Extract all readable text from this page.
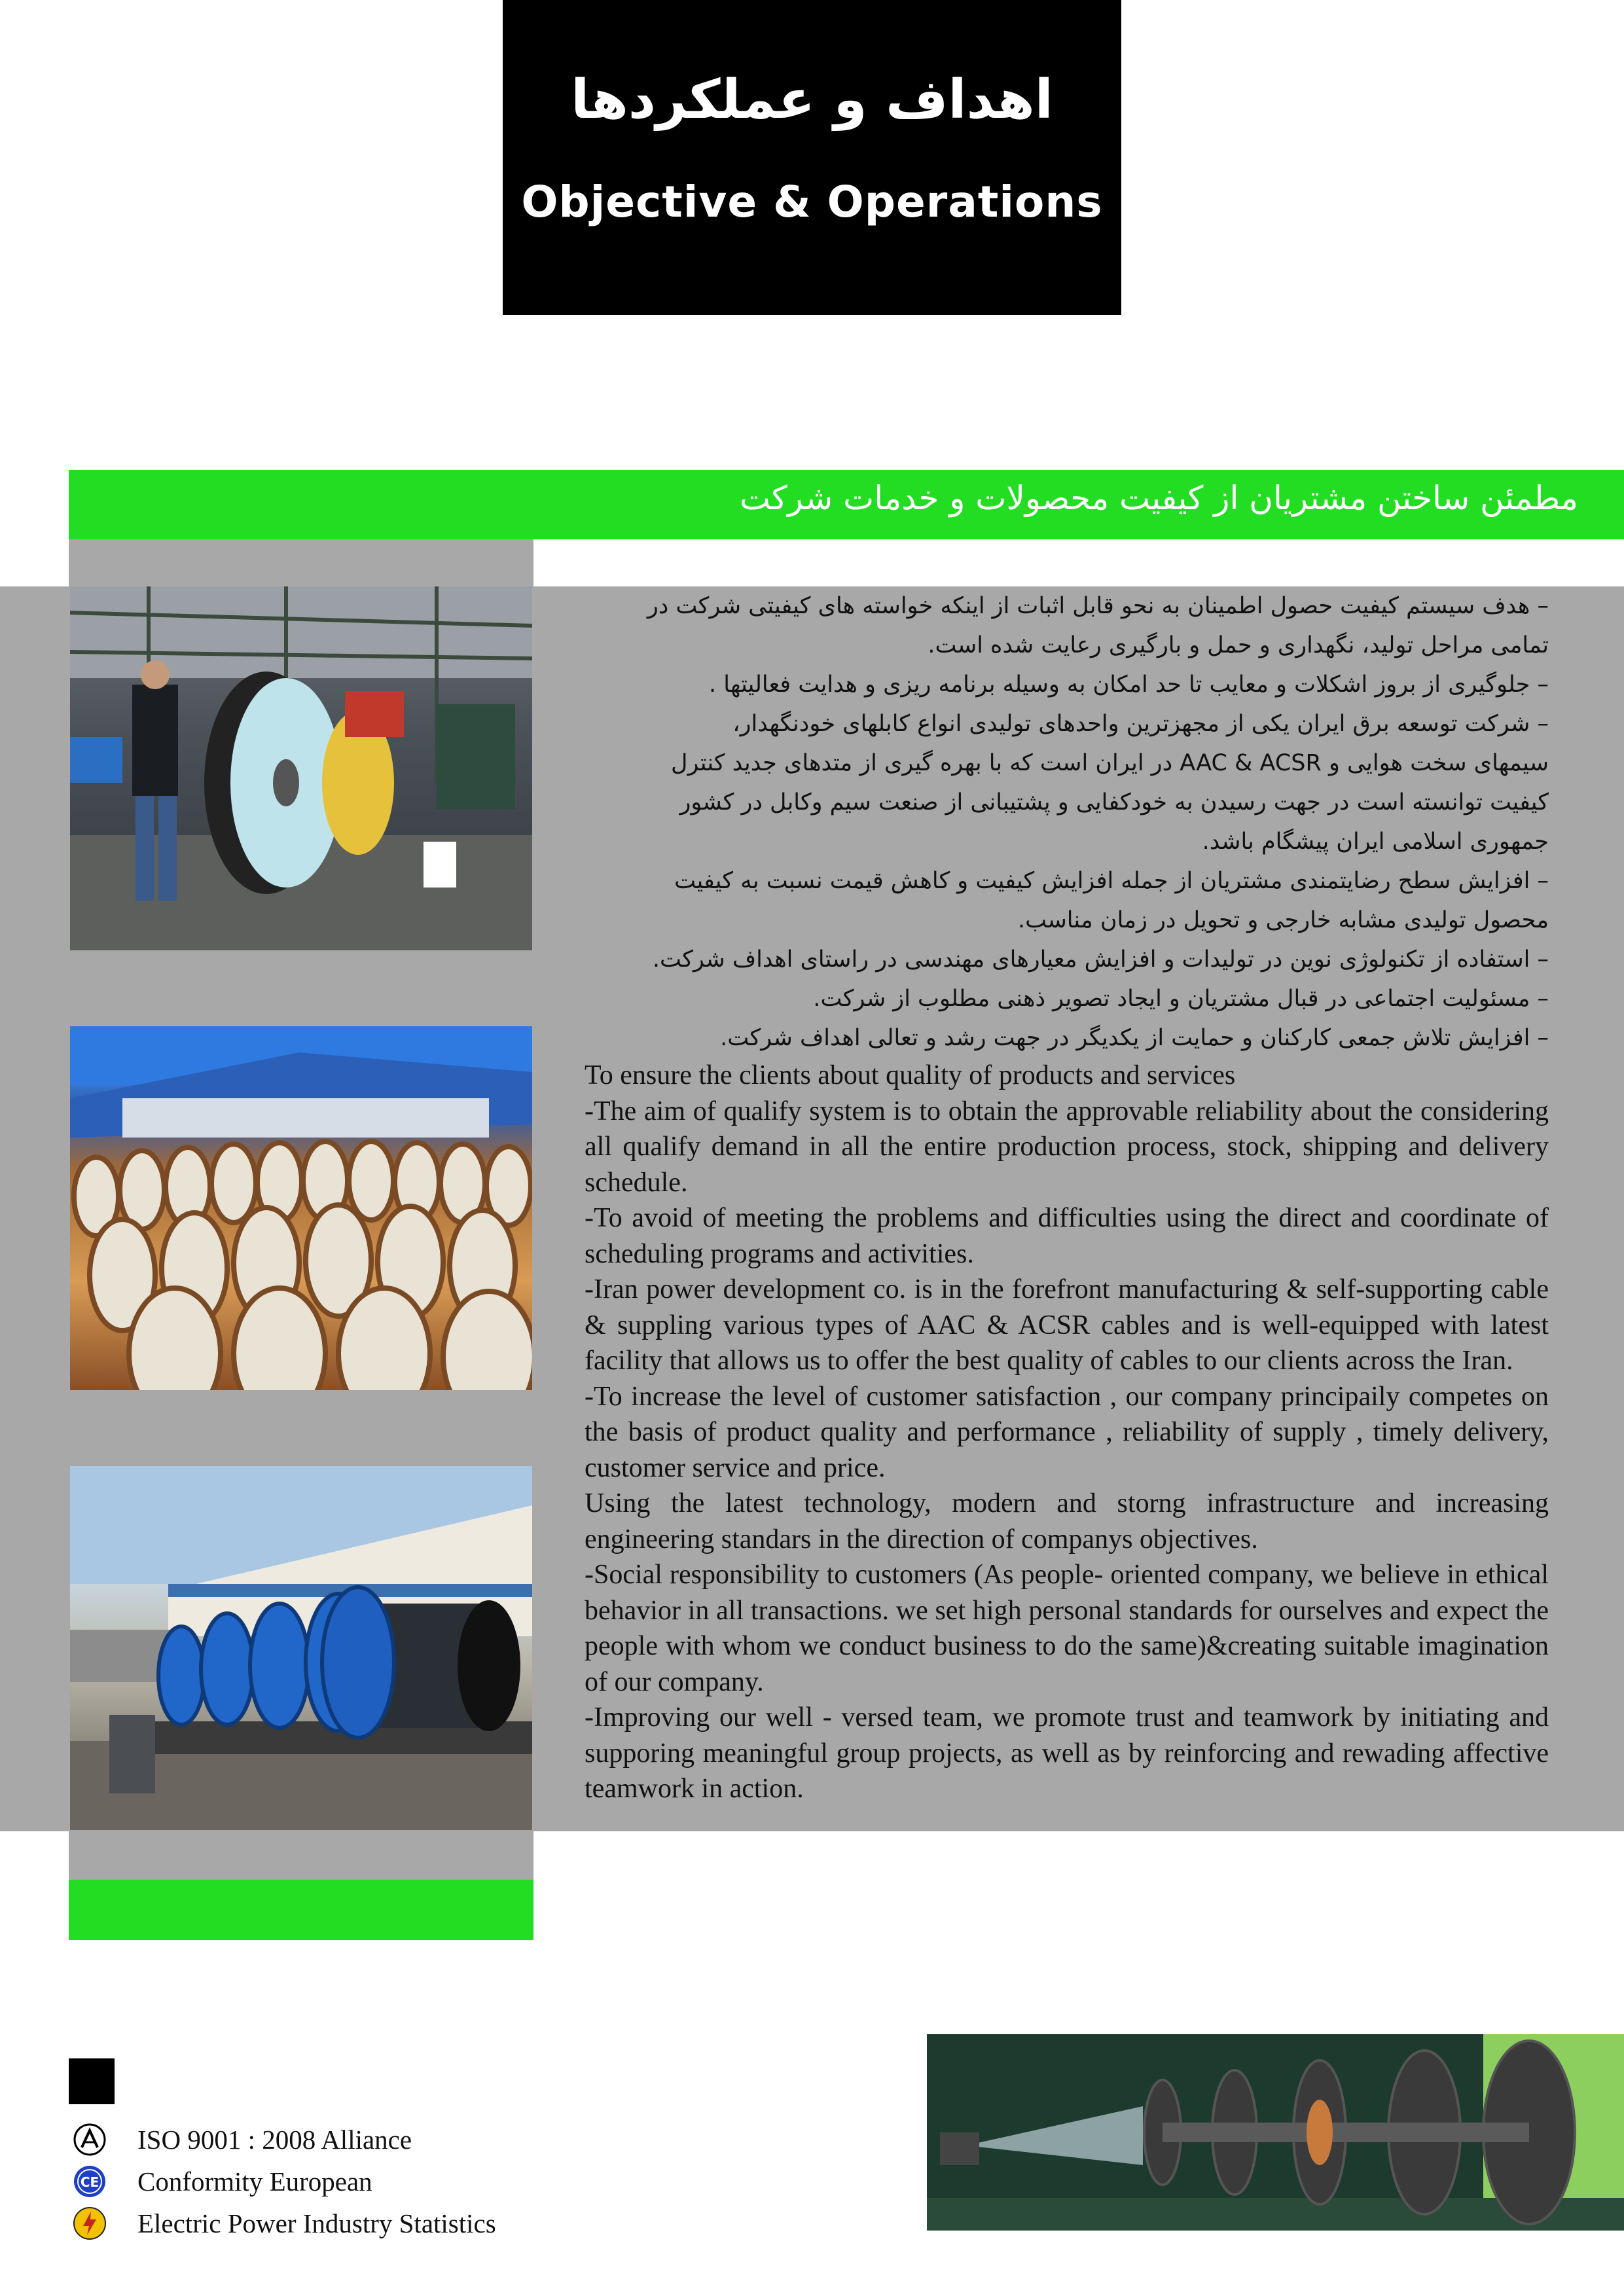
اهداف و عملکردها
Objective & Operations
مطمئن ساختن مشتریان از کیفیت محصولات و خدمات شرکت

– هدف سیستم کیفیت حصول اطمینان به نحو قابل اثبات از اینکه خواسته های کیفیتی شرکت در

تمامی مراحل تولید، نگهداری و حمل و بارگیری رعایت شده است.

– جلوگیری از بروز اشکلات و معایب تا حد امکان به وسیله برنامه ریزی و هدایت فعالیتها .

– شرکت توسعه برق ایران یکی از مجهزترین واحدهای تولیدی انواع کابلهای خودنگهدار،

سیمهای سخت هوایی و AAC & ACSR در ایران است که با بهره گیری از متدهای جدید کنترل

کیفیت توانسته است در جهت رسیدن به خودکفایی و پشتیبانی از صنعت سیم وکابل در کشور

جمهوری اسلامی ایران پیشگام باشد.

– افزایش سطح رضایتمندی مشتریان از جمله افزایش کیفیت و کاهش قیمت نسبت به کیفیت

محصول تولیدی مشابه خارجی و تحویل در زمان مناسب.

– استفاده از تکنولوژی نوین در تولیدات و افزایش معیارهای مهندسی در راستای اهداف شرکت.

– مسئولیت اجتماعی در قبال مشتریان و ایجاد تصویر ذهنی مطلوب از شرکت.

– افزایش تلاش جمعی کارکنان و حمایت از یکدیگر در جهت رشد و تعالی اهداف شرکت.

To ensure the clients about quality of products and services

-The aim of qualify system is to obtain the approvable reliability about the considering all qualify demand in all the entire production process, stock, shipping and delivery schedule.

-To avoid of meeting the problems and difficulties using the direct and coordinate of scheduling programs and activities.

-Iran power development co. is in the forefront manufacturing & self-supporting cable & suppling various types of AAC & ACSR cables and is well-equipped with latest facility that allows us to offer the best quality of cables to our clients across the Iran.

-To increase the level of customer satisfaction , our company principaily competes on the basis of product quality and performance , reliability of supply , timely delivery, customer service and price.

Using the latest technology, modern and storng infrastructure and increasing engineering standars in the direction of companys objectives.

-Social responsibility to customers (As people- oriented company, we believe in ethical behavior in all transactions. we set high personal standards for ourselves and expect the people with whom we conduct business to do the same)&creating suitable imagination of our company.

-Improving our well - versed team, we promote trust and teamwork by initiating and supporing meaningful group projects, as well as by reinforcing and rewading affective teamwork in action.

ISO 9001 : 2008 Alliance
CE Conformity European
Electric Power Industry Statistics
